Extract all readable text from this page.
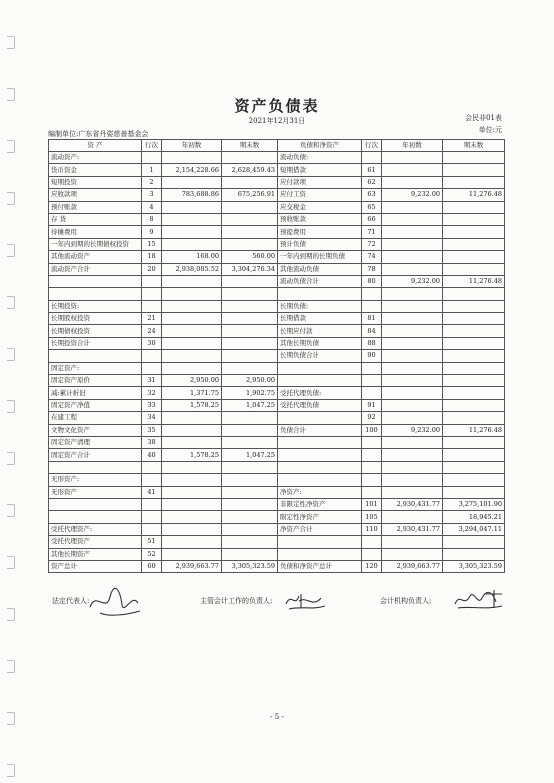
资产负债表
2021年12月31日	会民非01表
单位:元
编制单位:广东省丹姿慈善基金会
资 产	行次	年初数	期末数	负债和净资产	行次	年初数	期末数
流动资产:				流动负债:			
货币资金	1	2,154,228.66	2,628,459.43	短期借款	61		
短期投资	2			应付款项	62		
应收款项	3	783,688.86	675,256.91	应付工资	63	9,232.00	11,276.48
预付账款	4			应交税金	65		
存 货	8			预收账款	66		
待摊费用	9			预提费用	71		
一年内到期的长期债权投资	15			预计负债	72		
其他流动资产	18	168.00	560.00	一年内到期的长期负债	74		
流动资产合计	20	2,938,085.52	3,304,276.34	其他流动负债	78		
				流动负债合计	80	9,232.00	11,276.48

长期投资:				长期负债:			
长期股权投资	21			长期借款	81		
长期债权投资	24			长期应付款	84		
长期投资合计	30			其他长期负债	88		
				长期负债合计	90		
固定资产:							
固定资产原价	31	2,950.00	2,950.00				
减:累计折旧	32	1,371.75	1,902.75	受托代理负债:			
固定资产净值	33	1,578.25	1,047.25	受托代理负债	91		
在建工程	34				92		
文物文化资产	35			负债合计	100	9,232.00	11,276.48
固定资产清理	38						
固定资产合计	40	1,578.25	1,047.25				

无形资产:							
无形资产	41			净资产:			
				非限定性净资产	101	2,930,431.77	3,275,101.90
				限定性净资产	105		18,945.21
受托代理资产:				净资产合计	110	2,930,431.77	3,294,047.11
受托代理资产	51						
其他长期资产	52						
资产总计	60	2,939,663.77	3,305,323.59	负债和净资产总计	120	2,939,663.77	3,305,323.59
法定代表人:	主管会计工作的负责人:	会计机构负责人:
- 5 -
